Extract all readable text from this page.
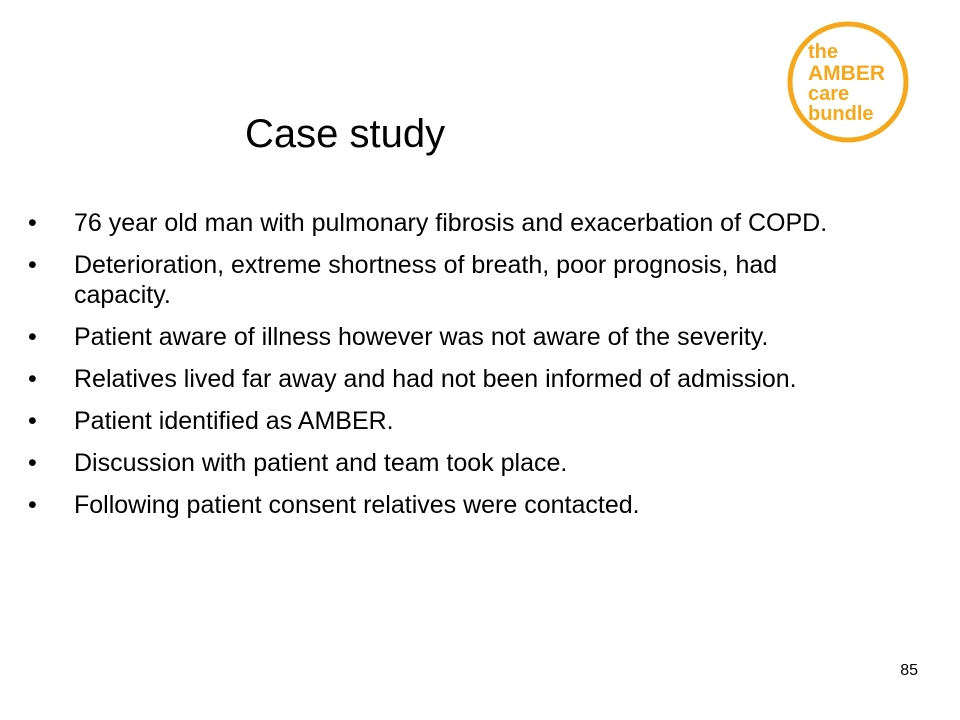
the
AMBER
care
bundle
Case study
•	76 year old man with pulmonary fibrosis and exacerbation of COPD.
•	Deterioration, extreme shortness of breath, poor prognosis, had capacity.
•	Patient aware of illness however was not aware of the severity.
•	Relatives lived far away and had not been informed of admission.
•	Patient identified as AMBER.
•	Discussion with patient and team took place.
•	Following patient consent relatives were contacted.
85
